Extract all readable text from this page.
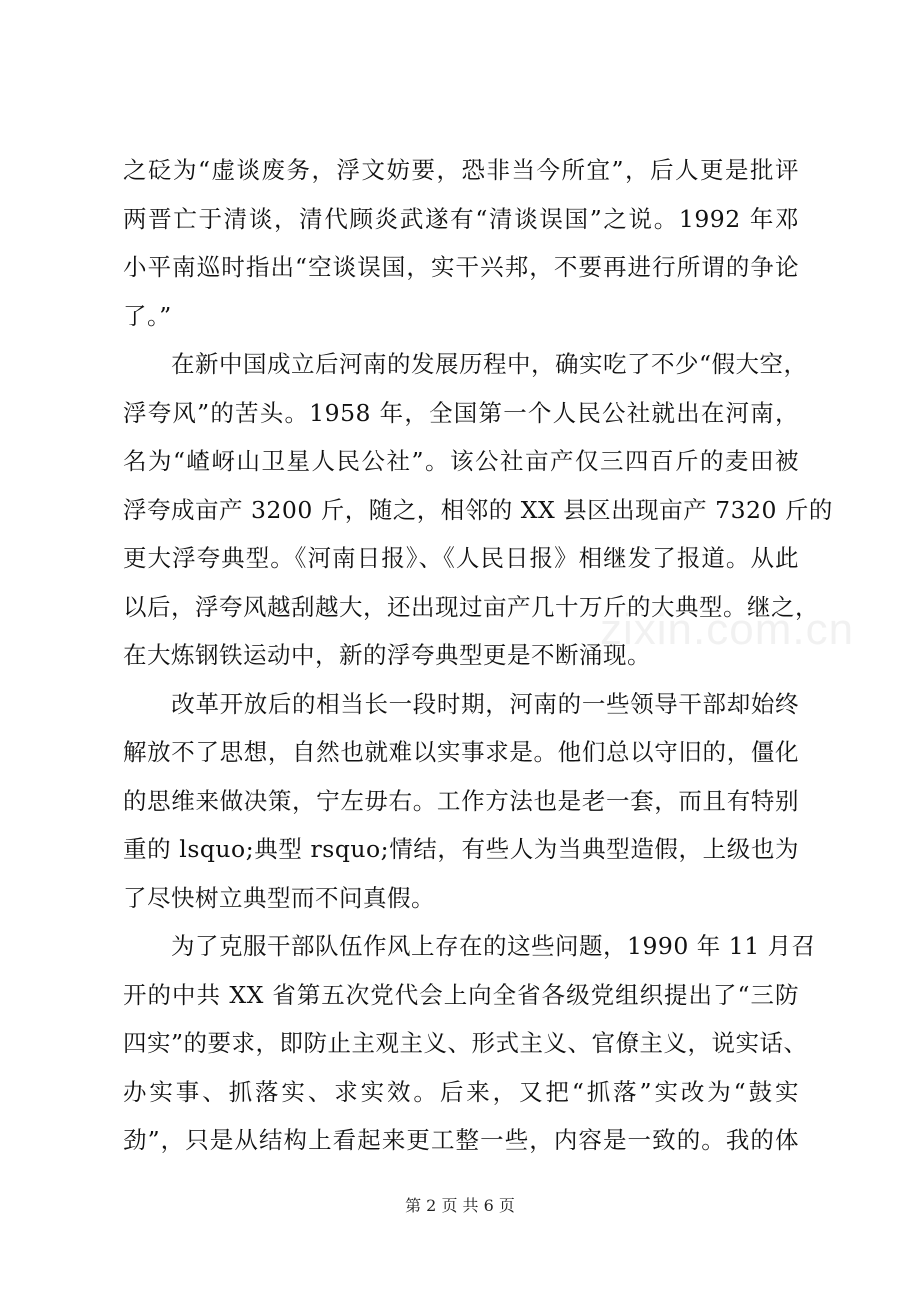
之砭为“虚谈废务，浮文妨要，恐非当今所宜”，后人更是批评
两晋亡于清谈，清代顾炎武遂有“清谈误国”之说。1992 年邓
小平南巡时指出“空谈误国，实干兴邦，不要再进行所谓的争论
了。”
　　在新中国成立后河南的发展历程中，确实吃了不少“假大空，
浮夸风”的苦头。1958 年，全国第一个人民公社就出在河南，
名为“嵖岈山卫星人民公社”。该公社亩产仅三四百斤的麦田被
浮夸成亩产 3200 斤，随之，相邻的 XX 县区出现亩产 7320 斤的
更大浮夸典型。《河南日报》、《人民日报》相继发了报道。从此
以后，浮夸风越刮越大，还出现过亩产几十万斤的大典型。继之，
在大炼钢铁运动中，新的浮夸典型更是不断涌现。
　　改革开放后的相当长一段时期，河南的一些领导干部却始终
解放不了思想，自然也就难以实事求是。他们总以守旧的，僵化
的思维来做决策，宁左毋右。工作方法也是老一套，而且有特别
重的 lsquo;典型 rsquo;情结，有些人为当典型造假，上级也为
了尽快树立典型而不问真假。
　　为了克服干部队伍作风上存在的这些问题，1990 年 11 月召
开的中共 XX 省第五次党代会上向全省各级党组织提出了“三防
四实”的要求，即防止主观主义、形式主义、官僚主义，说实话、
办实事、抓落实、求实效。后来，又把“抓落”实改为“鼓实
劲”，只是从结构上看起来更工整一些，内容是一致的。我的体
zixin.com.cn
第 2 页 共 6 页
